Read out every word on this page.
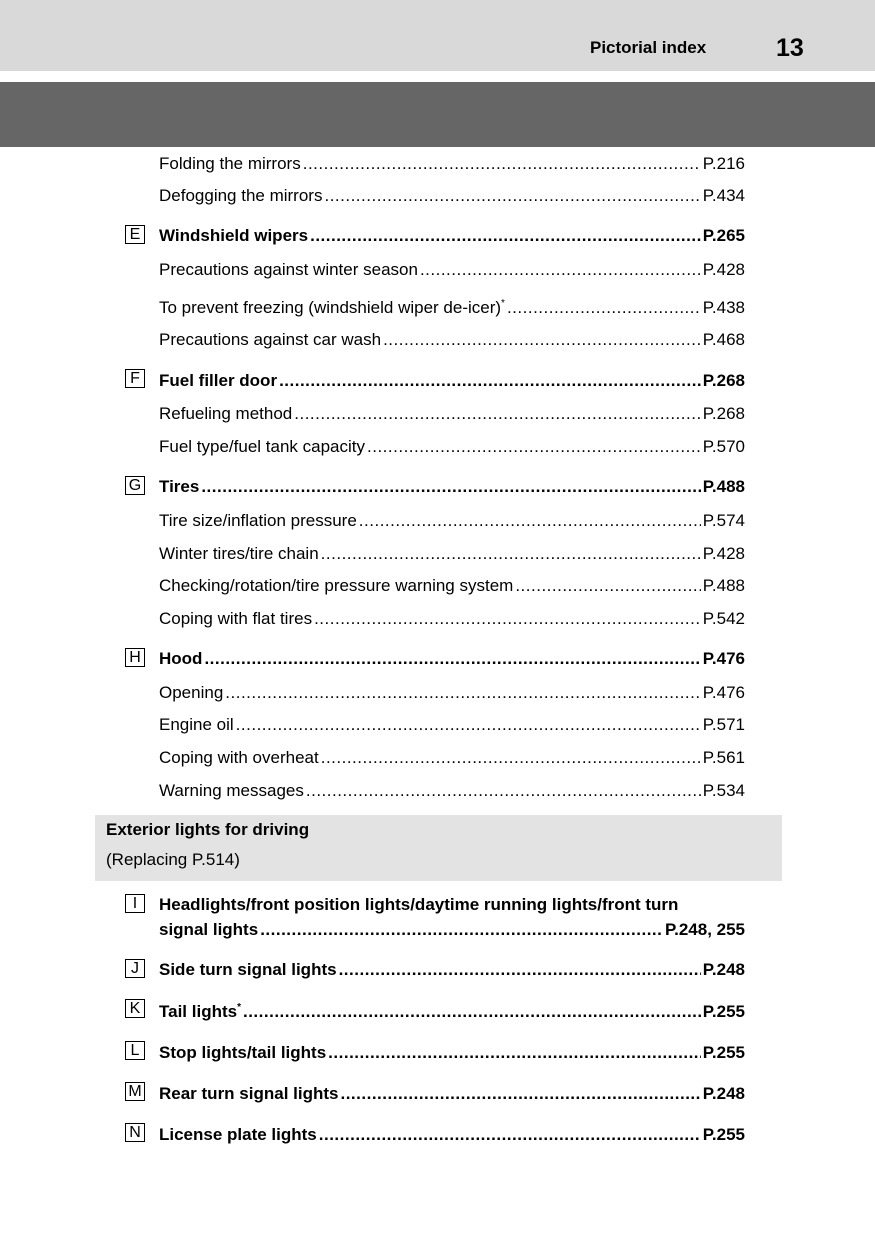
Pictorial index	13
Folding the mirrors .....	P.216
Defogging the mirrors .....	P.434
E Windshield wipers .....	P.265
Precautions against winter season .....	P.428
To prevent freezing (windshield wiper de-icer)* .....	P.438
Precautions against car wash .....	P.468
F	Fuel filler door .....	P.268
Refueling method .....	P.268
Fuel type/fuel tank capacity .....	P.570
G Tires .....	P.488
Tire size/inflation pressure .....	P.574
Winter tires/tire chain .....	P.428
Checking/rotation/tire pressure warning system .....	P.488
Coping with flat tires .....	P.542
H Hood .....	P.476
Opening .....	P.476
Engine oil .....	P.571
Coping with overheat .....	P.561
Warning messages .....	P.534
Exterior lights for driving
(Replacing P.514)
I	Headlights/front position lights/daytime running lights/front turn
signal lights .....	P.248, 255
J	Side turn signal lights .....	P.248
K Tail lights* .....	P.255
L	Stop lights/tail lights .....	P.255
M Rear turn signal lights .....	P.248
N License plate lights .....	P.255
